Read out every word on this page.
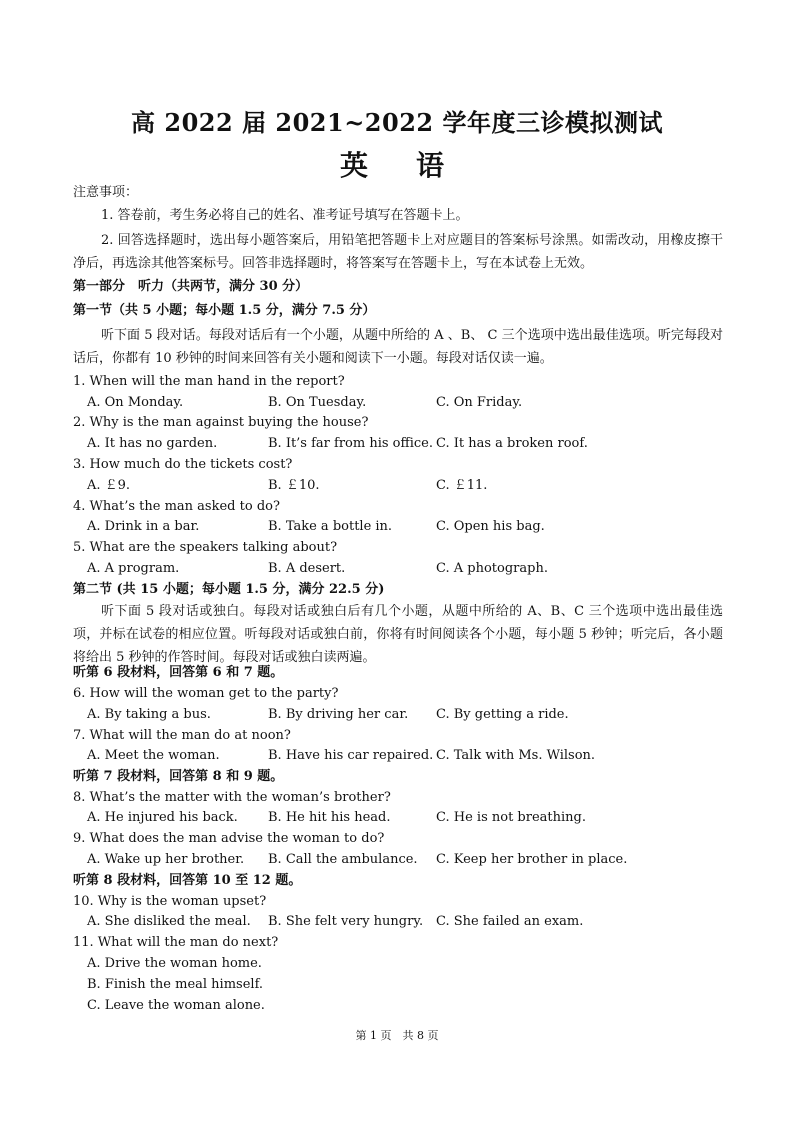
高 2022 届 2021~2022 学年度三诊模拟测试
英　语
注意事项：
1. 答卷前，考生务必将自己的姓名、准考证号填写在答题卡上。
2. 回答选择题时，选出每小题答案后，用铅笔把答题卡上对应题目的答案标号涂黑。如需改动，用橡皮擦干净后，再选涂其他答案标号。回答非选择题时，将答案写在答题卡上，写在本试卷上无效。
第一部分　听力（共两节，满分 30 分）
第一节（共 5 小题；每小题 1.5 分，满分 7.5 分）
听下面 5 段对话。每段对话后有一个小题，从题中所给的 A 、B、 C 三个选项中选出最佳选项。听完每段对话后，你都有 10 秒钟的时间来回答有关小题和阅读下一小题。每段对话仅读一遍。
1. When will the man hand in the report?
A. On Monday.	B. On Tuesday.	C. On Friday.
2. Why is the man against buying the house?
A. It has no garden.	B. It’s far from his office. C. It has a broken roof.
3. How much do the tickets cost?
A. ￡9.	B. ￡10.	C. ￡11.
4. What’s the man asked to do?
A. Drink in a bar.	B. Take a bottle in.	C. Open his bag.
5. What are the speakers talking about?
A. A program.	B. A desert.	C. A photograph.
第二节 (共 15 小题；每小题 1.5 分，满分 22.5 分)
听下面 5 段对话或独白。每段对话或独白后有几个小题，从题中所给的 A、B、C 三个选项中选出最佳选项，并标在试卷的相应位置。听每段对话或独白前，你将有时间阅读各个小题，每小题 5 秒钟；听完后，各小题将给出 5 秒钟的作答时间。每段对话或独白读两遍。
听第 6 段材料，回答第 6 和 7 题。
6. How will the woman get to the party?
A. By taking a bus.	B. By driving her car. C. By getting a ride.
7. What will the man do at noon?
A. Meet the woman.	B. Have his car repaired. C. Talk with Ms. Wilson.
听第 7 段材料，回答第 8 和 9 题。
8. What’s the matter with the woman’s brother?
A. He injured his back. B. He hit his head.	C. He is not breathing.
9. What does the man advise the woman to do?
A. Wake up her brother. B. Call the ambulance. C. Keep her brother in place.
听第 8 段材料，回答第 10 至 12 题。
10. Why is the woman upset?
A. She disliked the meal. B. She felt very hungry. C. She failed an exam.
11. What will the man do next?
A. Drive the woman home.
B. Finish the meal himself.
C. Leave the woman alone.
第 1 页　共 8 页
